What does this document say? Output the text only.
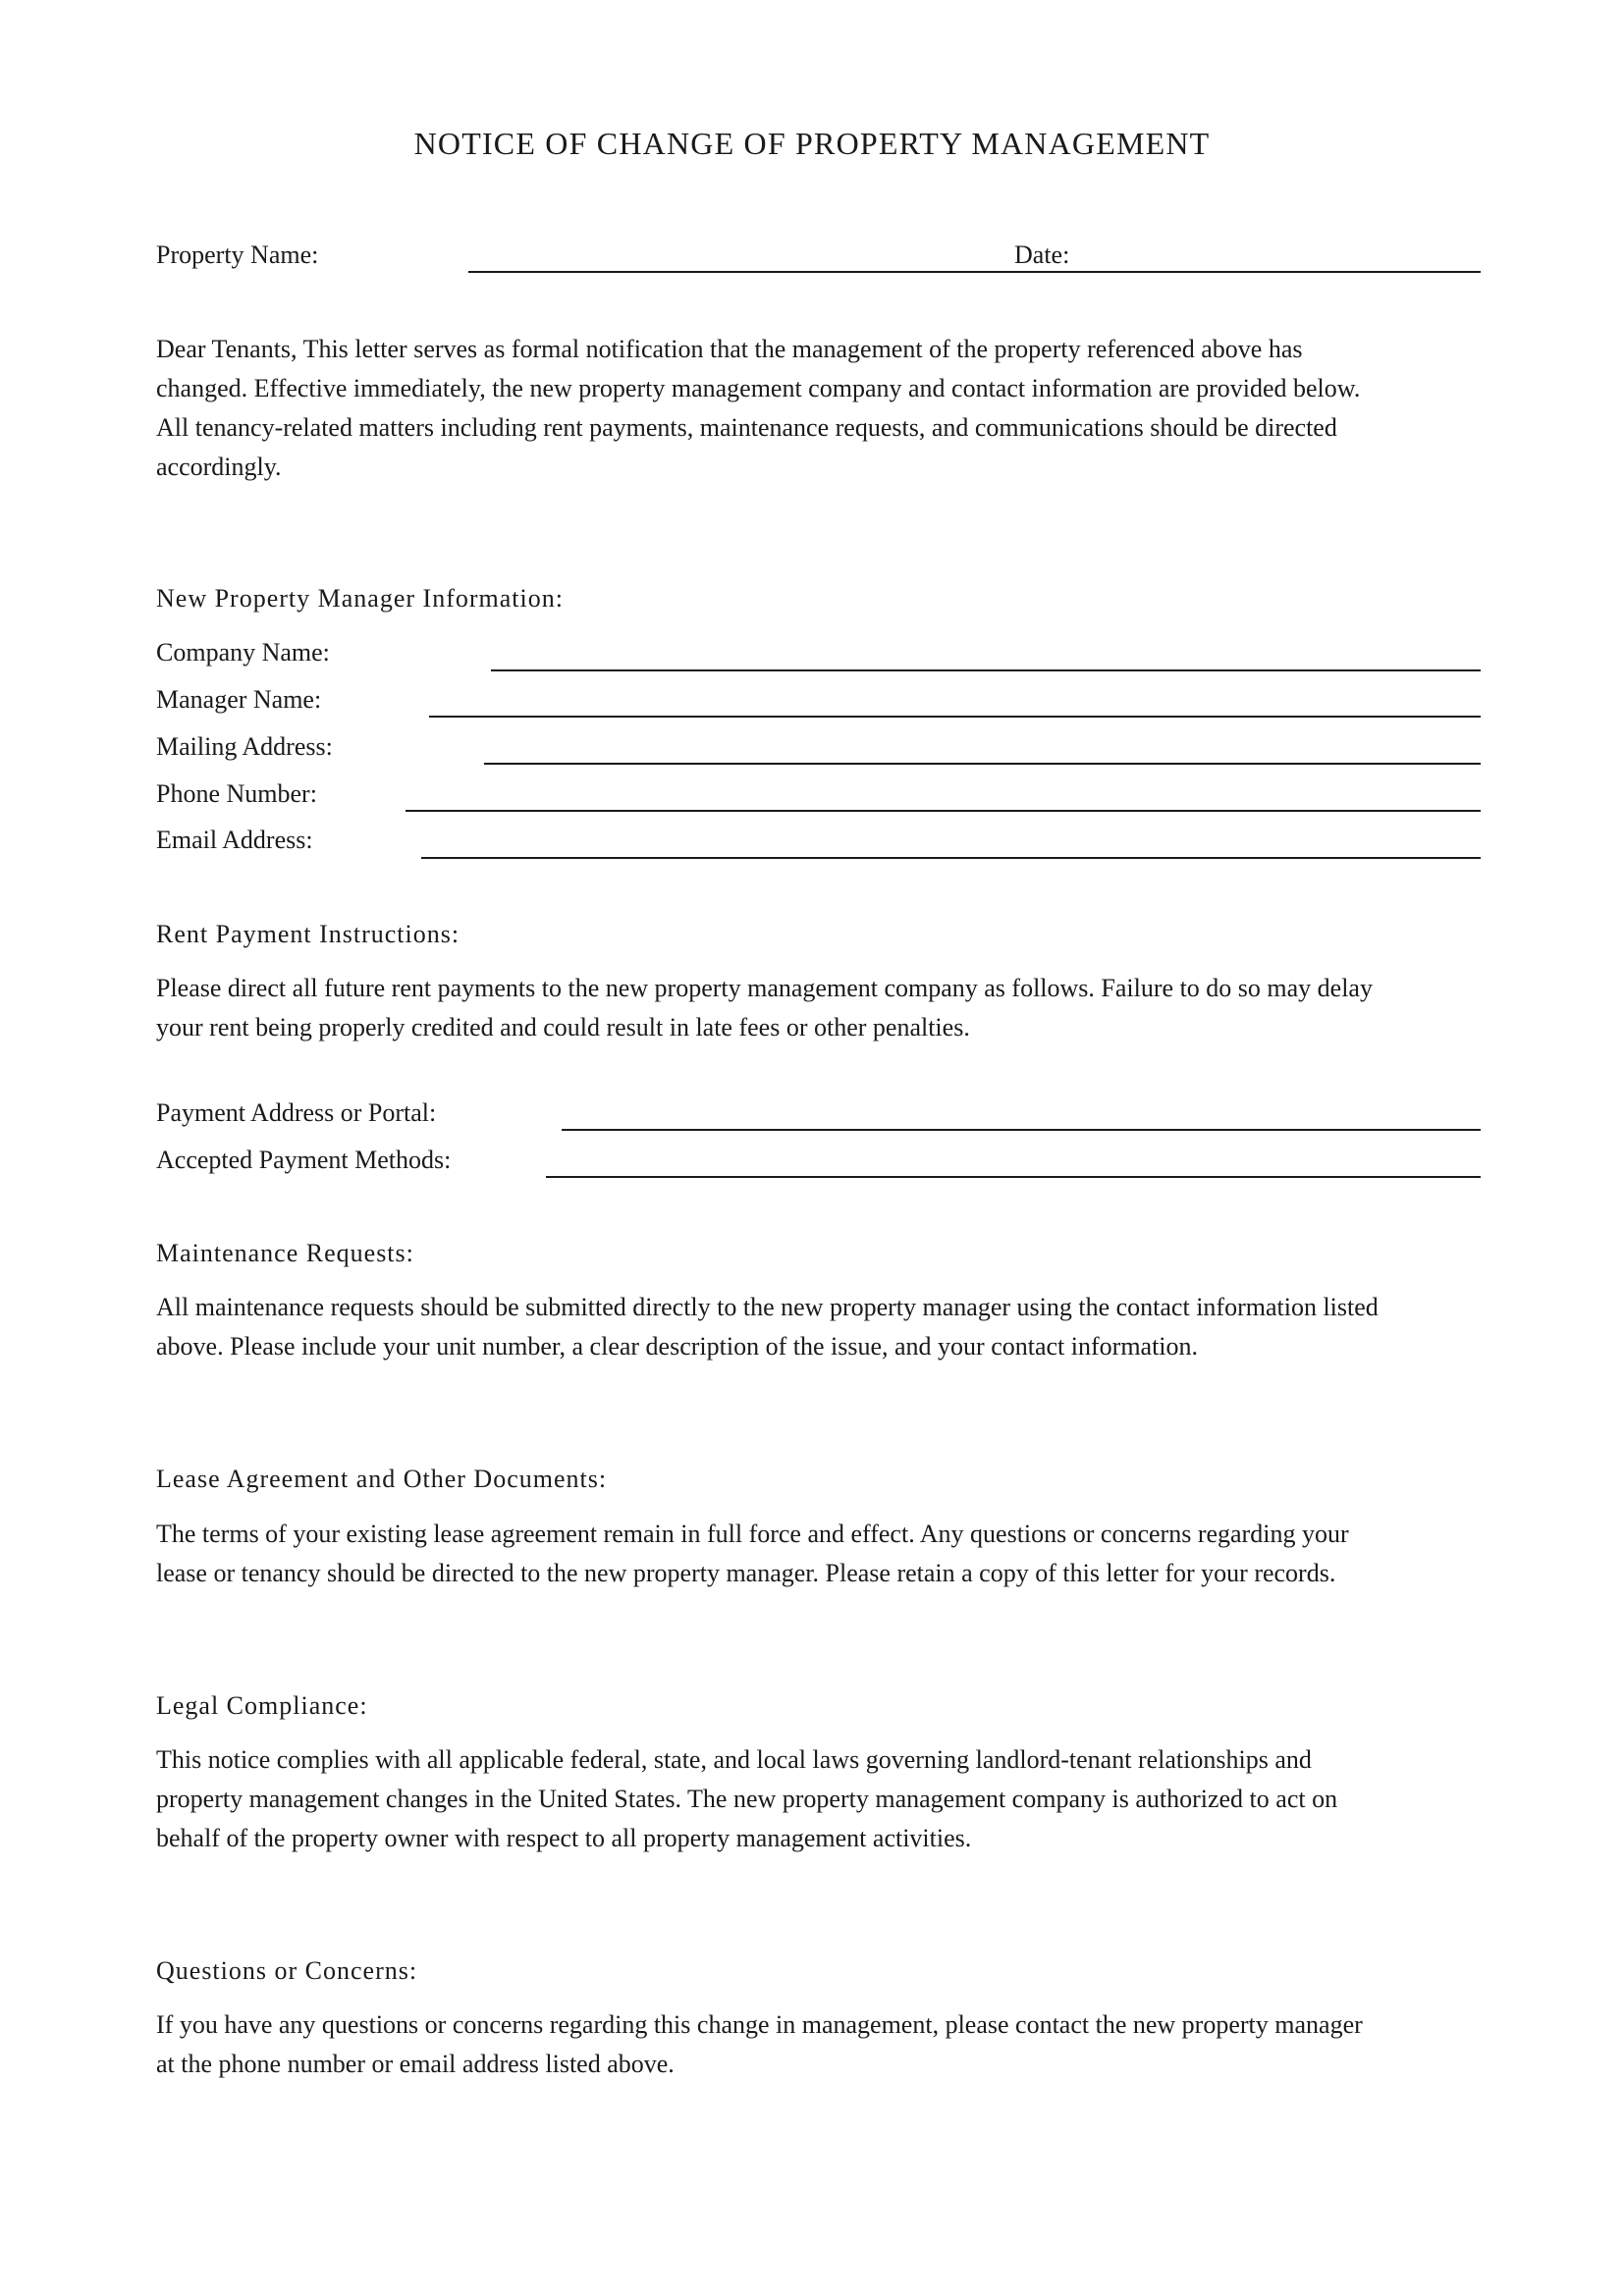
NOTICE OF CHANGE OF PROPERTY MANAGEMENT
Property Name:	Date:
Dear Tenants, This letter serves as formal notification that the management of the property referenced above has
changed. Effective immediately, the new property management company and contact information are provided below.
All tenancy-related matters including rent payments, maintenance requests, and communications should be directed
accordingly.
New Property Manager Information:
Company Name:
Manager Name:
Mailing Address:
Phone Number:
Email Address:
Rent Payment Instructions:
Please direct all future rent payments to the new property management company as follows. Failure to do so may delay
your rent being properly credited and could result in late fees or other penalties.
Payment Address or Portal:
Accepted Payment Methods:
Maintenance Requests:
All maintenance requests should be submitted directly to the new property manager using the contact information listed
above. Please include your unit number, a clear description of the issue, and your contact information.
Lease Agreement and Other Documents:
The terms of your existing lease agreement remain in full force and effect. Any questions or concerns regarding your
lease or tenancy should be directed to the new property manager. Please retain a copy of this letter for your records.
Legal Compliance:
This notice complies with all applicable federal, state, and local laws governing landlord-tenant relationships and
property management changes in the United States. The new property management company is authorized to act on
behalf of the property owner with respect to all property management activities.
Questions or Concerns:
If you have any questions or concerns regarding this change in management, please contact the new property manager
at the phone number or email address listed above.
